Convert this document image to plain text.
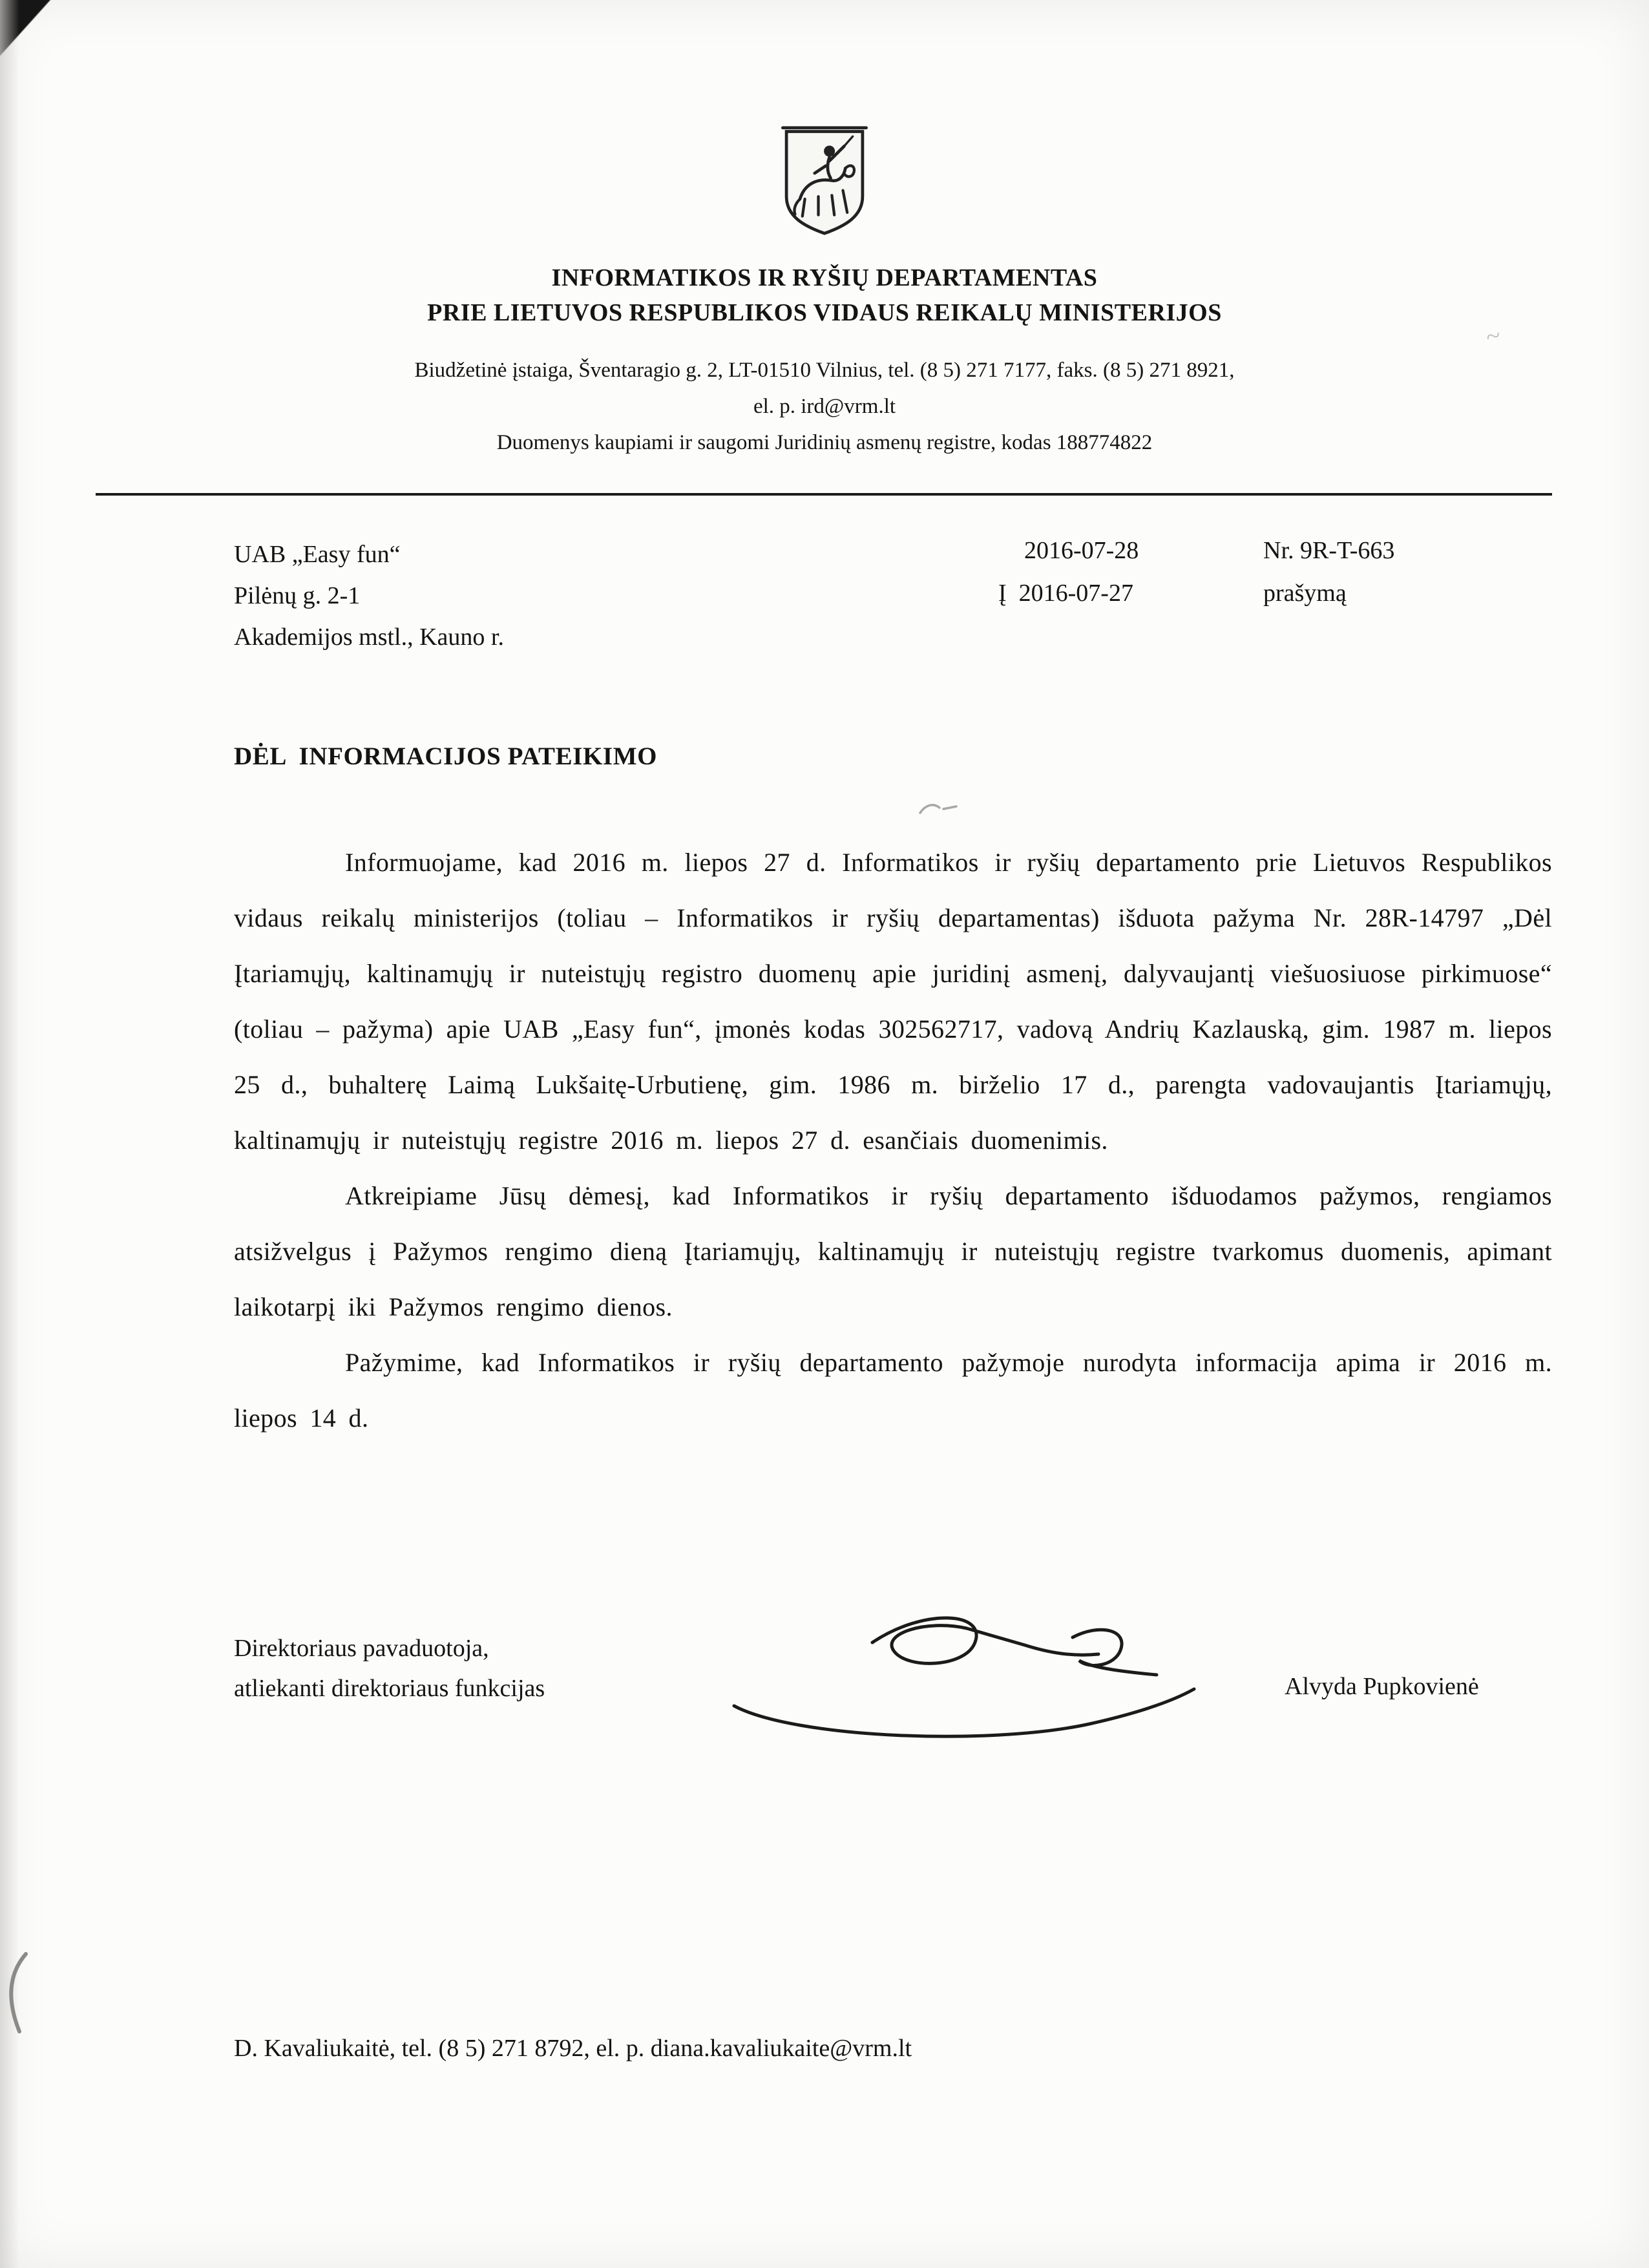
~
INFORMATIKOS IR RYŠIŲ DEPARTAMENTAS
PRIE LIETUVOS RESPUBLIKOS VIDAUS REIKALŲ MINISTERIJOS
Biudžetinė įstaiga, Šventaragio g. 2, LT-01510 Vilnius, tel. (8 5) 271 7177, faks. (8 5) 271 8921,
el. p. ird@vrm.lt
Duomenys kaupiami ir saugomi Juridinių asmenų registre, kodas 188774822
UAB „Easy fun“
Pilėnų g. 2-1
Akademijos mstl., Kauno r.
2016-07-28	Nr. 9R-T-663
Į  2016-07-27	prašymą
DĖL  INFORMACIJOS PATEIKIMO

Informuojame, kad 2016 m. liepos 27 d. Informatikos ir ryšių departamento prie Lietuvos Respublikos vidaus reikalų ministerijos (toliau – Informatikos ir ryšių departamentas) išduota pažyma Nr. 28R-14797 „Dėl Įtariamųjų, kaltinamųjų ir nuteistųjų registro duomenų apie juridinį asmenį, dalyvaujantį viešuosiuose pirkimuose“ (toliau – pažyma) apie UAB „Easy fun“, įmonės kodas 302562717, vadovą Andrių Kazlauską, gim. 1987 m. liepos 25 d., buhalterę Laimą Lukšaitę-Urbutienę, gim. 1986 m. birželio 17 d., parengta vadovaujantis Įtariamųjų, kaltinamųjų ir nuteistųjų registre 2016 m. liepos 27 d. esančiais duomenimis.

Atkreipiame Jūsų dėmesį, kad Informatikos ir ryšių departamento išduodamos pažymos, rengiamos atsižvelgus į Pažymos rengimo dieną Įtariamųjų, kaltinamųjų ir nuteistųjų registre tvarkomus duomenis, apimant laikotarpį iki Pažymos rengimo dienos.

Pažymime, kad Informatikos ir ryšių departamento pažymoje nurodyta informacija apima ir 2016 m. liepos 14 d.

Direktoriaus pavaduotoja,
atliekanti direktoriaus funkcijas	Alvyda Pupkovienė
D. Kavaliukaitė, tel. (8 5) 271 8792, el. p. diana.kavaliukaite@vrm.lt
